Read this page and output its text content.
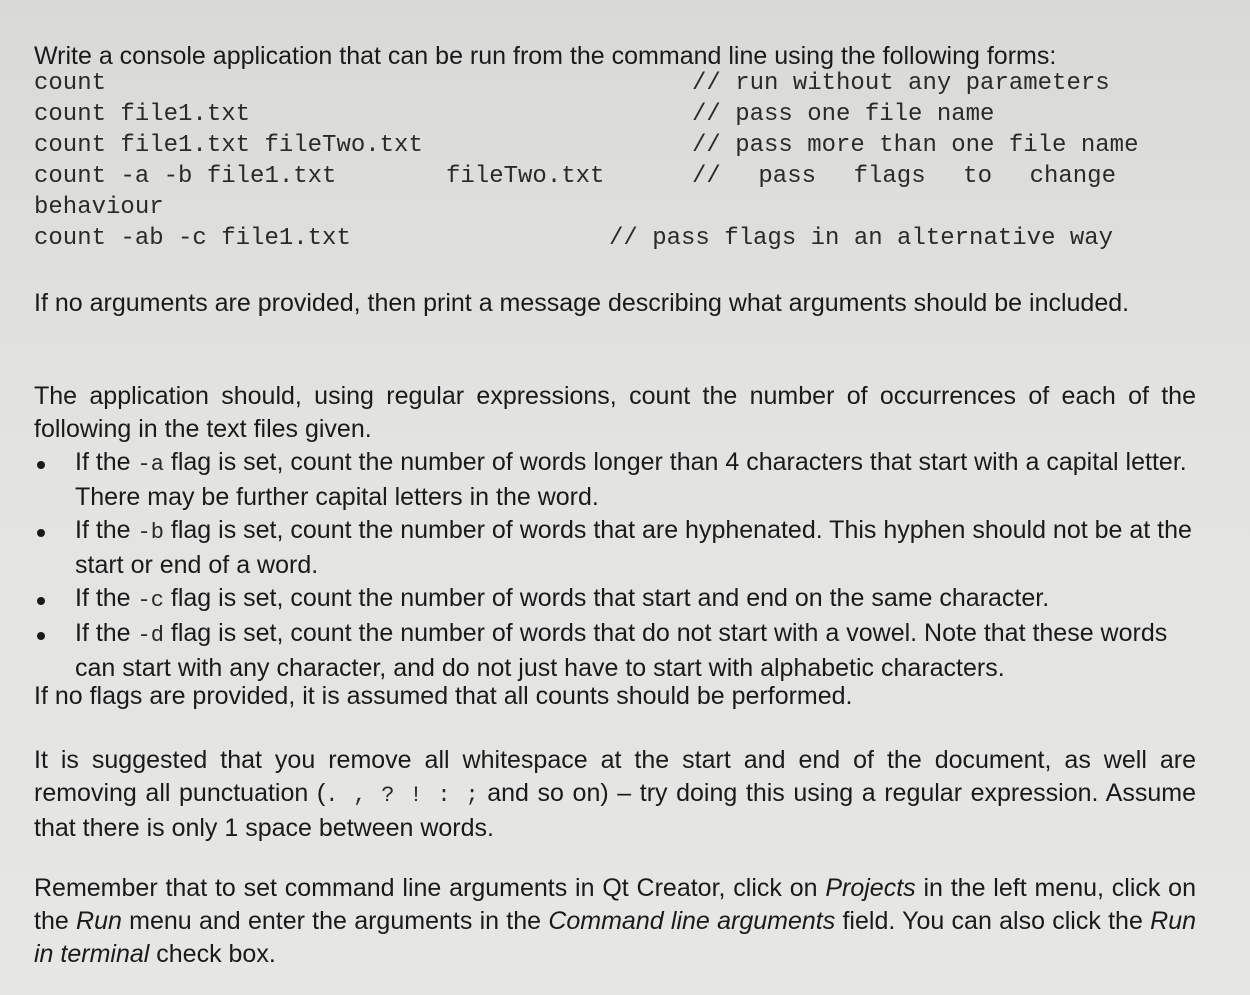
Write a console application that can be run from the command line using the following forms:
count	// run without any parameters
count file1.txt	// pass one file name
count file1.txt fileTwo.txt	// pass more than one file name
count -a -b file1.txt	fileTwo.txt	// pass flags to change
behaviour
count -ab -c file1.txt	// pass flags in an alternative way

If no arguments are provided, then print a message describing what arguments should be included.

The application should, using regular expressions, count the number of occurrences of each of the following in the text files given.

If the -a flag is set, count the number of words longer than 4 characters that start with a capital letter. There may be further capital letters in the word.
If the -b flag is set, count the number of words that are hyphenated. This hyphen should not be at the start or end of a word.
If the -c flag is set, count the number of words that start and end on the same character.
If the -d flag is set, count the number of words that do not start with a vowel. Note that these words can start with any character, and do not just have to start with alphabetic characters.
If no flags are provided, it is assumed that all counts should be performed.

It is suggested that you remove all whitespace at the start and end of the document, as well are removing all punctuation (. , ? ! : ; and so on) – try doing this using a regular expression. Assume that there is only 1 space between words.

Remember that to set command line arguments in Qt Creator, click on Projects in the left menu, click on the Run menu and enter the arguments in the Command line arguments field. You can also click the Run in terminal check box.
